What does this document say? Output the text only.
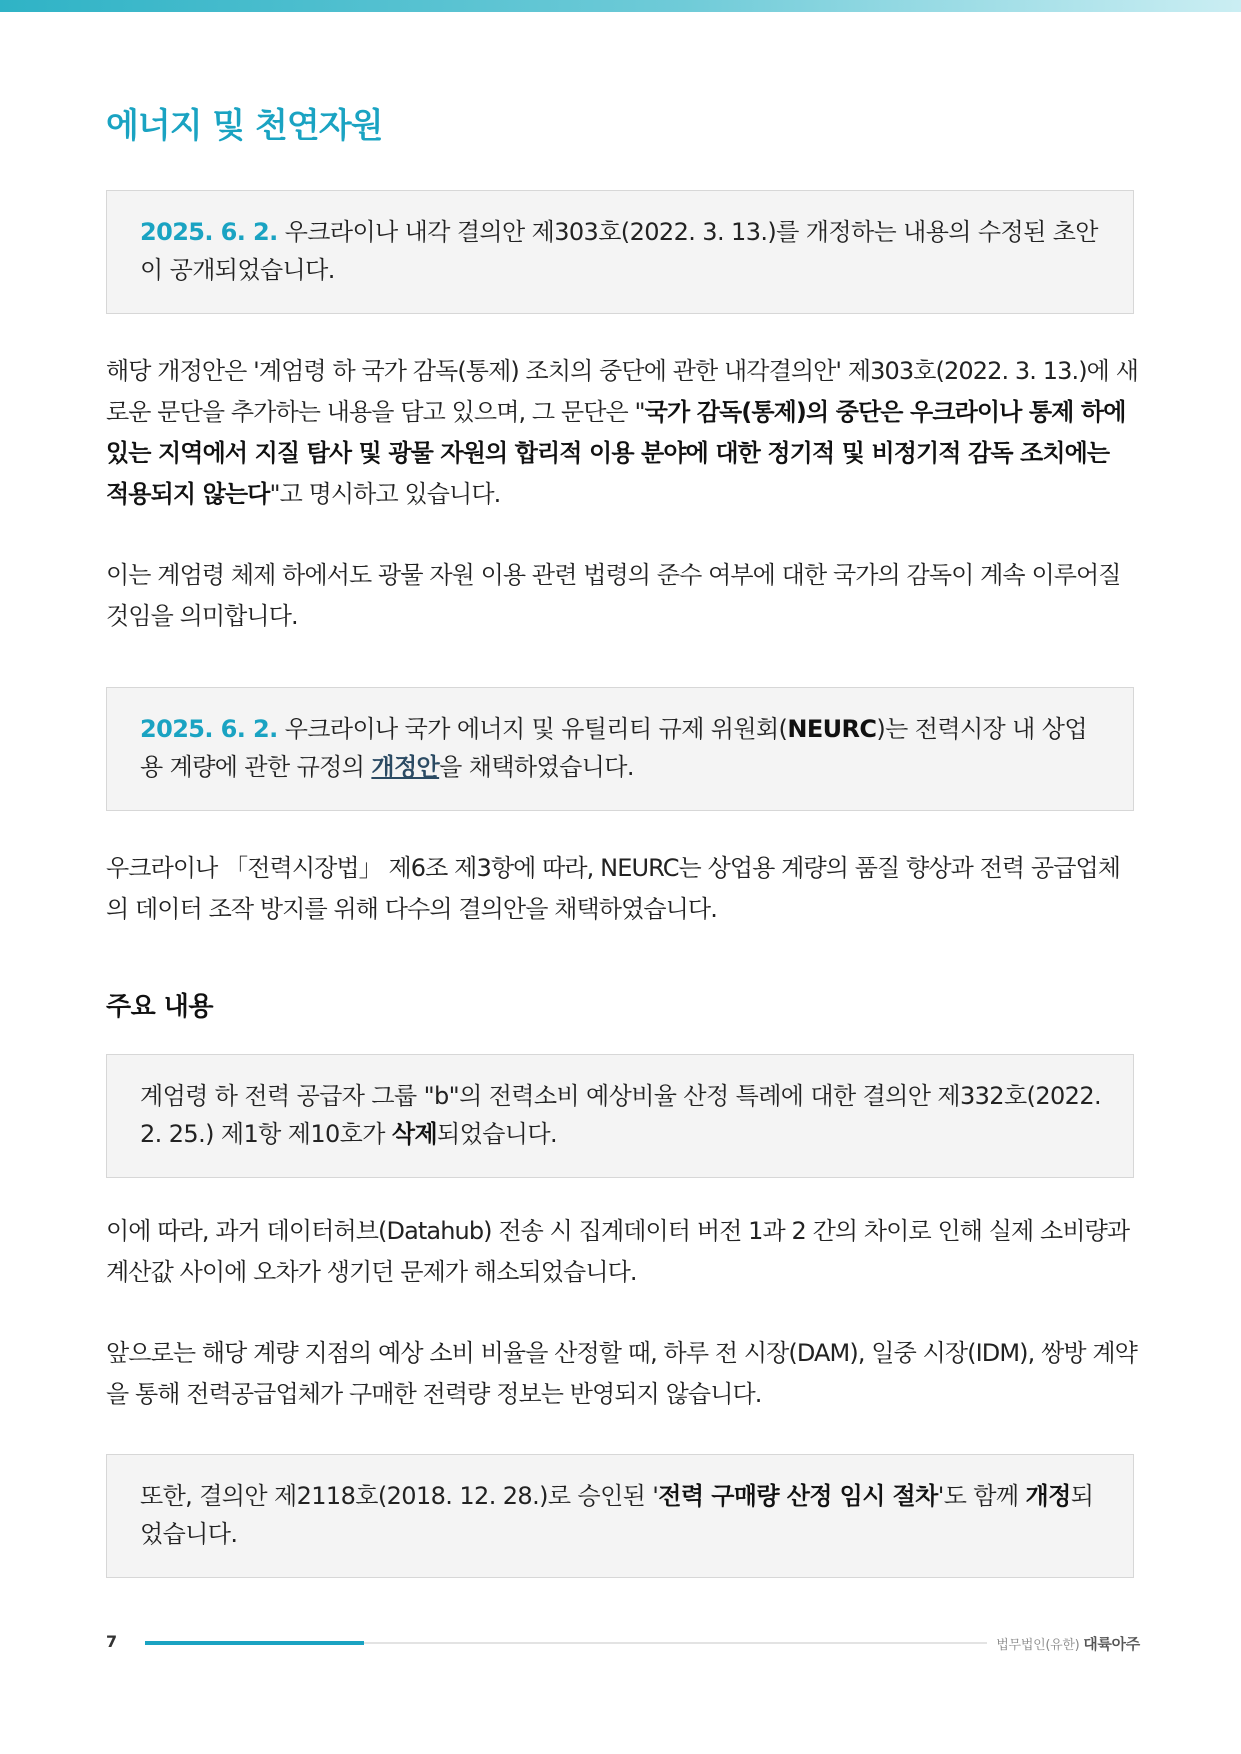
에너지 및 천연자원
2025. 6. 2. 우크라이나 내각 결의안 제303호(2022. 3. 13.)를 개정하는 내용의 수정된 초안이 공개되었습니다.

해당 개정안은 '계엄령 하 국가 감독(통제) 조치의 중단에 관한 내각결의안' 제303호(2022. 3. 13.)에 새로운 문단을 추가하는 내용을 담고 있으며, 그 문단은 "국가 감독(통제)의 중단은 우크라이나 통제 하에 있는 지역에서 지질 탐사 및 광물 자원의 합리적 이용 분야에 대한 정기적 및 비정기적 감독 조치에는 적용되지 않는다"고 명시하고 있습니다.

이는 계엄령 체제 하에서도 광물 자원 이용 관련 법령의 준수 여부에 대한 국가의 감독이 계속 이루어질 것임을 의미합니다.

2025. 6. 2. 우크라이나 국가 에너지 및 유틸리티 규제 위원회(NEURC)는 전력시장 내 상업용 계량에 관한 규정의 개정안을 채택하였습니다.

우크라이나 「전력시장법」 제6조 제3항에 따라, NEURC는 상업용 계량의 품질 향상과 전력 공급업체의 데이터 조작 방지를 위해 다수의 결의안을 채택하였습니다.

주요 내용
계엄령 하 전력 공급자 그룹 "b"의 전력소비 예상비율 산정 특례에 대한 결의안 제332호(2022. 2. 25.) 제1항 제10호가 삭제되었습니다.

이에 따라, 과거 데이터허브(Datahub) 전송 시 집계데이터 버전 1과 2 간의 차이로 인해 실제 소비량과 계산값 사이에 오차가 생기던 문제가 해소되었습니다.

앞으로는 해당 계량 지점의 예상 소비 비율을 산정할 때, 하루 전 시장(DAM), 일중 시장(IDM), 쌍방 계약을 통해 전력공급업체가 구매한 전력량 정보는 반영되지 않습니다.

또한, 결의안 제2118호(2018. 12. 28.)로 승인된 '전력 구매량 산정 임시 절차'도 함께 개정되었습니다.
7	법무법인(유한) 대륙아주
